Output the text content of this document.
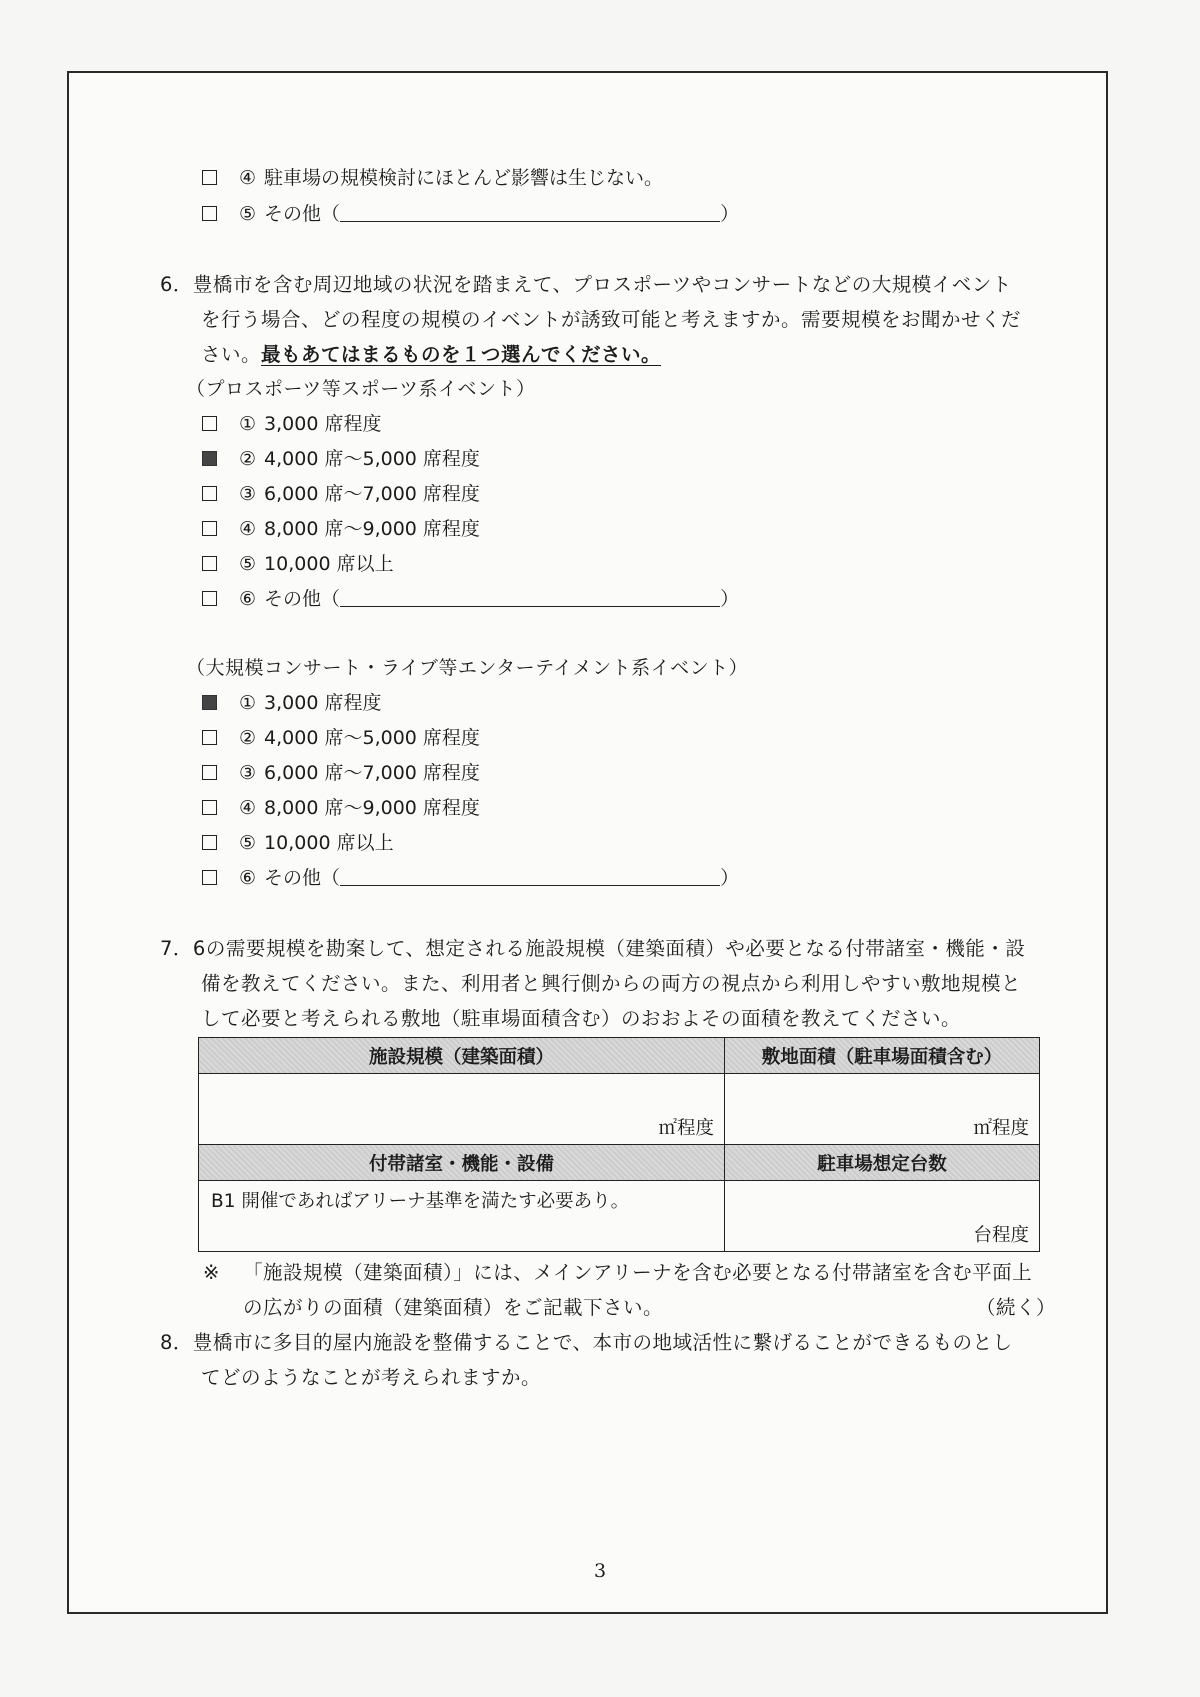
④ 駐車場の規模検討にほとんど影響は生じない。
⑤ その他（	）
6．豊橋市を含む周辺地域の状況を踏まえて、プロスポーツやコンサートなどの大規模イベント
を行う場合、どの程度の規模のイベントが誘致可能と考えますか。需要規模をお聞かせくだ
さい。最もあてはまるものを１つ選んでください。
（プロスポーツ等スポーツ系イベント）
① 3,000 席程度
② 4,000 席～5,000 席程度
③ 6,000 席～7,000 席程度
④ 8,000 席～9,000 席程度
⑤ 10,000 席以上
⑥ その他（	）
（大規模コンサート・ライブ等エンターテイメント系イベント）
① 3,000 席程度
② 4,000 席～5,000 席程度
③ 6,000 席～7,000 席程度
④ 8,000 席～9,000 席程度
⑤ 10,000 席以上
⑥ その他（	）
7．6の需要規模を勘案して、想定される施設規模（建築面積）や必要となる付帯諸室・機能・設
備を教えてください。また、利用者と興行側からの両方の視点から利用しやすい敷地規模と
して必要と考えられる敷地（駐車場面積含む）のおおよその面積を教えてください。
施設規模（建築面積）	敷地面積（駐車場面積含む）

㎡程度	㎡程度

付帯諸室・機能・設備	駐車場想定台数

B1 開催であればアリーナ基準を満たす必要あり。	台程度
※ 「施設規模（建築面積）」には、メインアリーナを含む必要となる付帯諸室を含む平面上
の広がりの面積（建築面積）をご記載下さい。	（続く）
8．豊橋市に多目的屋内施設を整備することで、本市の地域活性に繋げることができるものとし
てどのようなことが考えられますか。
3
